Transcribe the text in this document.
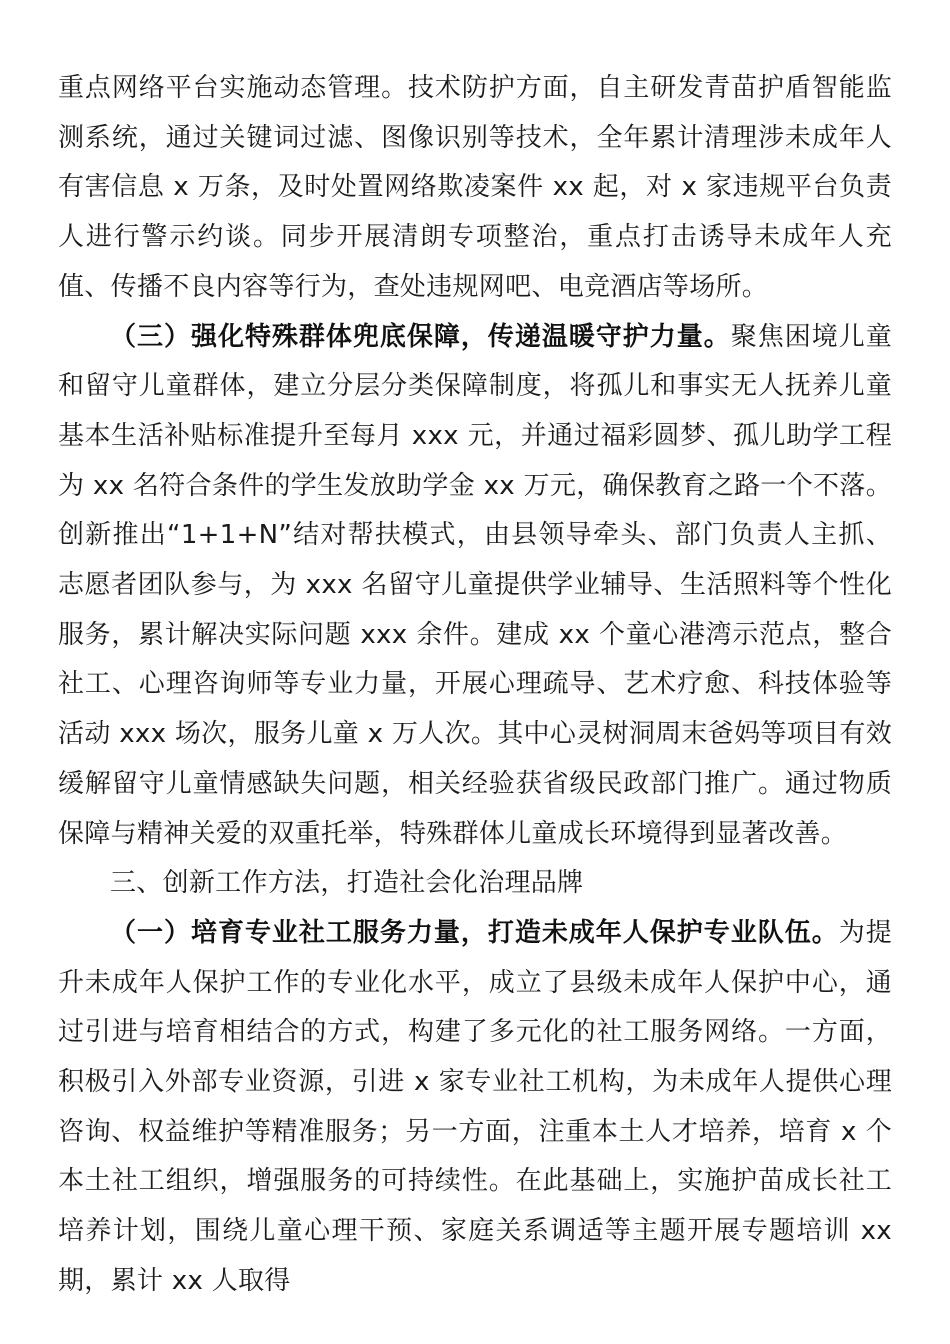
重点网络平台实施动态管理。技术防护方面，自主研发青苗护盾智能监测系统，通过关键词过滤、图像识别等技术，全年累计清理涉未成年人有害信息 x 万条，及时处置网络欺凌案件 xx 起，对 x 家违规平台负责人进行警示约谈。同步开展清朗专项整治，重点打击诱导未成年人充值、传播不良内容等行为，查处违规网吧、电竞酒店等场所。

（三）强化特殊群体兜底保障，传递温暖守护力量。聚焦困境儿童和留守儿童群体，建立分层分类保障制度，将孤儿和事实无人抚养儿童基本生活补贴标准提升至每月 xxx 元，并通过福彩圆梦、孤儿助学工程为 xx 名符合条件的学生发放助学金 xx 万元，确保教育之路一个不落。创新推出“1+1+N”结对帮扶模式，由县领导牵头、部门负责人主抓、志愿者团队参与，为 xxx 名留守儿童提供学业辅导、生活照料等个性化服务，累计解决实际问题 xxx 余件。建成 xx 个童心港湾示范点，整合社工、心理咨询师等专业力量，开展心理疏导、艺术疗愈、科技体验等活动 xxx 场次，服务儿童 x 万人次。其中心灵树洞周末爸妈等项目有效缓解留守儿童情感缺失问题，相关经验获省级民政部门推广。通过物质保障与精神关爱的双重托举，特殊群体儿童成长环境得到显著改善。

三、创新工作方法，打造社会化治理品牌

（一）培育专业社工服务力量，打造未成年人保护专业队伍。为提升未成年人保护工作的专业化水平，成立了县级未成年人保护中心，通过引进与培育相结合的方式，构建了多元化的社工服务网络。一方面，积极引入外部专业资源，引进 x 家专业社工机构，为未成年人提供心理咨询、权益维护等精准服务；另一方面，注重本土人才培养，培育 x 个本土社工组织，增强服务的可持续性。在此基础上，实施护苗成长社工培养计划，围绕儿童心理干预、家庭关系调适等主题开展专题培训 xx 期，累计 xx 人取得
